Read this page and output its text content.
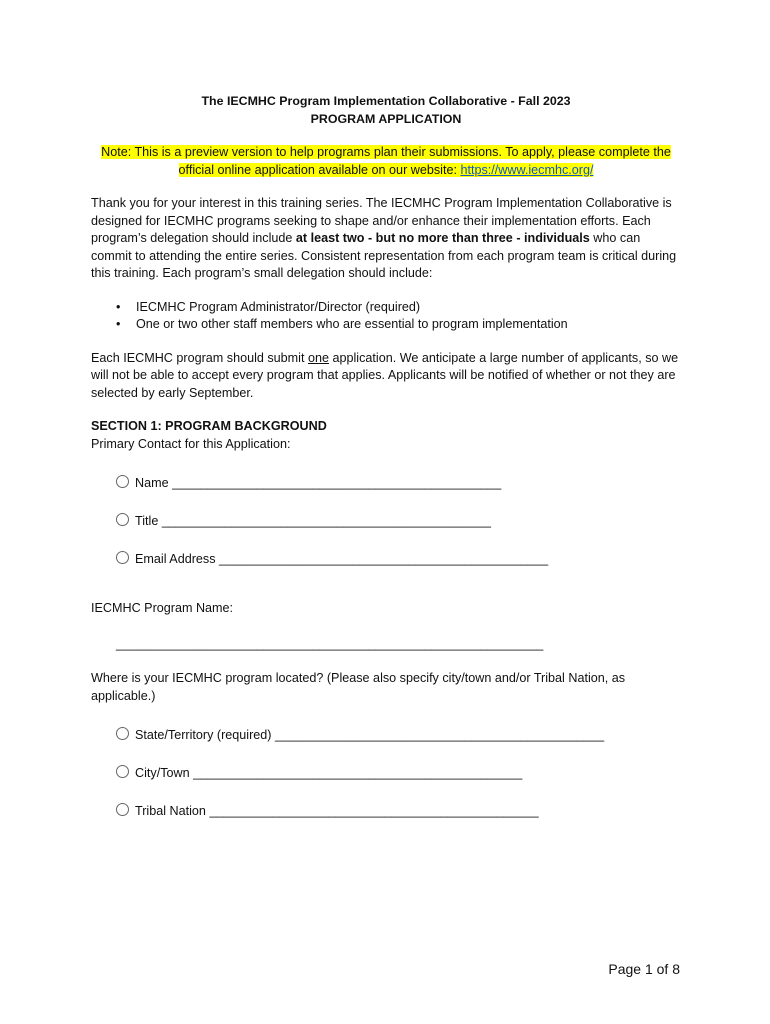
The IECMHC Program Implementation Collaborative - Fall 2023
PROGRAM APPLICATION
Note: This is a preview version to help programs plan their submissions. To apply, please complete the
official online application available on our website: https://www.iecmhc.org/

Thank you for your interest in this training series. The IECMHC Program Implementation Collaborative is designed for IECMHC programs seeking to shape and/or enhance their implementation efforts. Each program’s delegation should include at least two - but no more than three - individuals who can commit to attending the entire series. Consistent representation from each program team is critical during this training. Each program’s small delegation should include:

• IECMHC Program Administrator/Director (required)
• One or two other staff members who are essential to program implementation

Each IECMHC program should submit one application. We anticipate a large number of applicants, so we will not be able to accept every program that applies. Applicants will be notified of whether or not they are selected by early September.

SECTION 1: PROGRAM BACKGROUND
Primary Contact for this Application:
Name
_______________________________________________
Title
_______________________________________________
Email Address
_______________________________________________
IECMHC Program Name:
_____________________________________________________________
Where is your IECMHC program located? (Please also specify city/town and/or Tribal Nation, as applicable.)
State/Territory (required)
_______________________________________________
City/Town
_______________________________________________
Tribal Nation
_______________________________________________
Page 1 of 8
